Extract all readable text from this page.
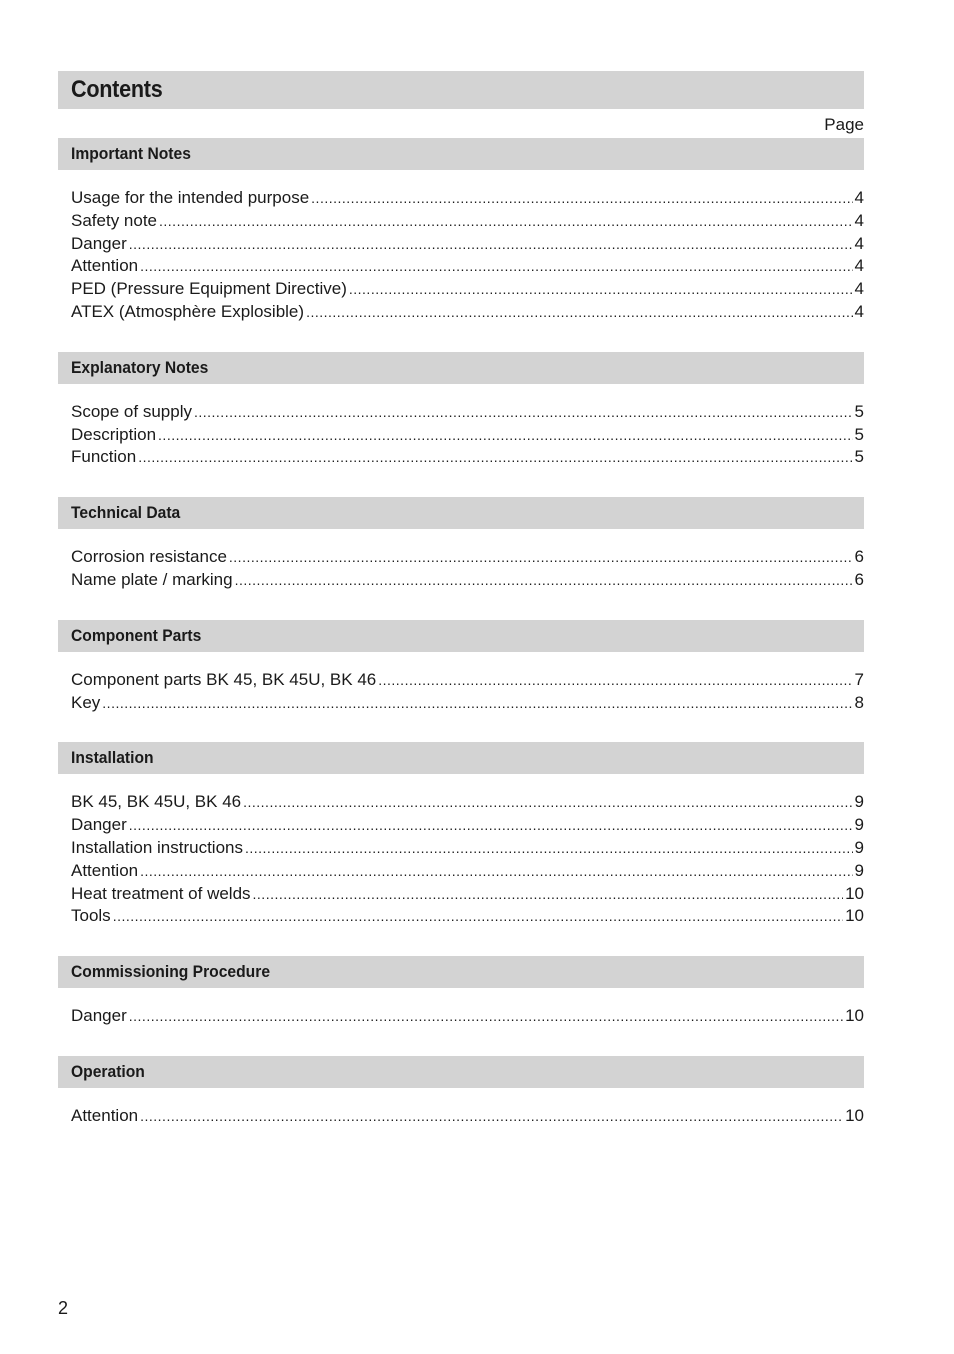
Contents
Page
Important Notes
Usage for the intended purpose .....	4
Safety note .....	4
Danger .....	4
Attention .....	4
PED (Pressure Equipment Directive) .....	4
ATEX (Atmosphère Explosible) .....	4
Explanatory Notes
Scope of supply .....	5
Description .....	5
Function .....	5
Technical Data
Corrosion resistance .....	6
Name plate / marking .....	6
Component Parts
Component parts BK 45, BK 45U, BK 46 .....	7
Key .....	8
Installation
BK 45, BK 45U, BK 46 .....	9
Danger .....	9
Installation instructions .....	9
Attention .....	9
Heat treatment of welds .....	10
Tools .....	10
Commissioning Procedure
Danger .....	10
Operation
Attention .....	10
2
